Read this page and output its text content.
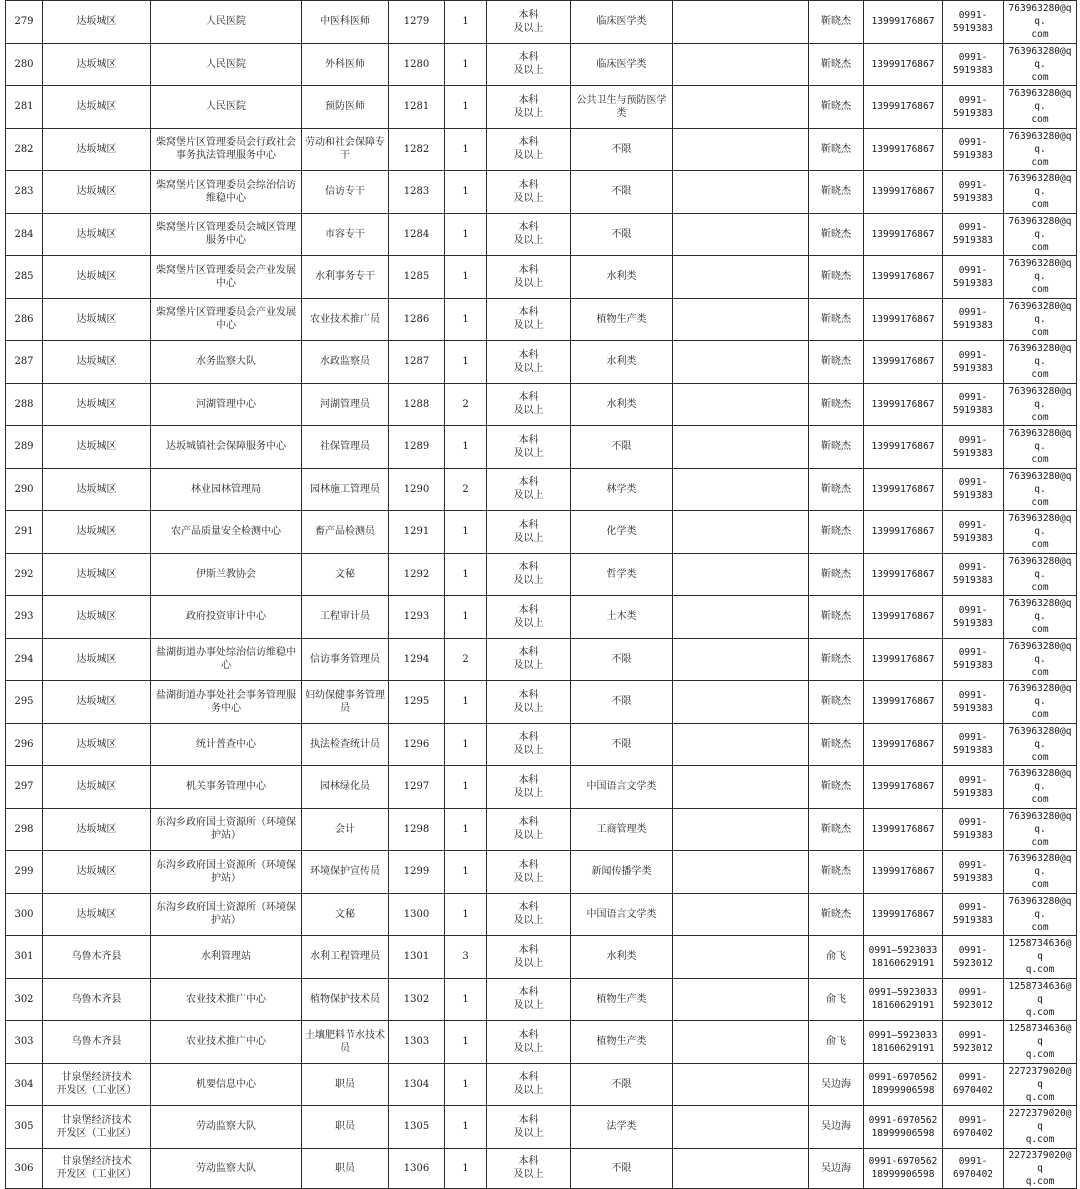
279	达坂城区	人民医院	中医科医师	1279	1	本科
及以上	临床医学类		靳晓杰	13999176867	0991-
5919383	763963280@qq.
com
280	达坂城区	人民医院	外科医师	1280	1	本科
及以上	临床医学类		靳晓杰	13999176867	0991-
5919383	763963280@qq.
com
281	达坂城区	人民医院	预防医师	1281	1	本科
及以上	公共卫生与预防医学类		靳晓杰	13999176867	0991-
5919383	763963280@qq.
com
282	达坂城区	柴窝堡片区管理委员会行政社会事务执法管理服务中心	劳动和社会保障专干	1282	1	本科
及以上	不限		靳晓杰	13999176867	0991-
5919383	763963280@qq.
com
283	达坂城区	柴窝堡片区管理委员会综治信访维稳中心	信访专干	1283	1	本科
及以上	不限		靳晓杰	13999176867	0991-
5919383	763963280@qq.
com
284	达坂城区	柴窝堡片区管理委员会城区管理服务中心	市容专干	1284	1	本科
及以上	不限		靳晓杰	13999176867	0991-
5919383	763963280@qq.
com
285	达坂城区	柴窝堡片区管理委员会产业发展中心	水利事务专干	1285	1	本科
及以上	水利类		靳晓杰	13999176867	0991-
5919383	763963280@qq.
com
286	达坂城区	柴窝堡片区管理委员会产业发展中心	农业技术推广员	1286	1	本科
及以上	植物生产类		靳晓杰	13999176867	0991-
5919383	763963280@qq.
com
287	达坂城区	水务监察大队	水政监察员	1287	1	本科
及以上	水利类		靳晓杰	13999176867	0991-
5919383	763963280@qq.
com
288	达坂城区	河湖管理中心	河湖管理员	1288	2	本科
及以上	水利类		靳晓杰	13999176867	0991-
5919383	763963280@qq.
com
289	达坂城区	达坂城镇社会保障服务中心	社保管理员	1289	1	本科
及以上	不限		靳晓杰	13999176867	0991-
5919383	763963280@qq.
com
290	达坂城区	林业园林管理局	园林施工管理员	1290	2	本科
及以上	林学类		靳晓杰	13999176867	0991-
5919383	763963280@qq.
com
291	达坂城区	农产品质量安全检测中心	畜产品检测员	1291	1	本科
及以上	化学类		靳晓杰	13999176867	0991-
5919383	763963280@qq.
com
292	达坂城区	伊斯兰教协会	文秘	1292	1	本科
及以上	哲学类		靳晓杰	13999176867	0991-
5919383	763963280@qq.
com
293	达坂城区	政府投资审计中心	工程审计员	1293	1	本科
及以上	土木类		靳晓杰	13999176867	0991-
5919383	763963280@qq.
com
294	达坂城区	盐湖街道办事处综治信访维稳中心	信访事务管理员	1294	2	本科
及以上	不限		靳晓杰	13999176867	0991-
5919383	763963280@qq.
com
295	达坂城区	盐湖街道办事处社会事务管理服务中心	妇幼保健事务管理员	1295	1	本科
及以上	不限		靳晓杰	13999176867	0991-
5919383	763963280@qq.
com
296	达坂城区	统计普查中心	执法检查统计员	1296	1	本科
及以上	不限		靳晓杰	13999176867	0991-
5919383	763963280@qq.
com
297	达坂城区	机关事务管理中心	园林绿化员	1297	1	本科
及以上	中国语言文学类		靳晓杰	13999176867	0991-
5919383	763963280@qq.
com
298	达坂城区	东沟乡政府国土资源所（环境保护站）	会计	1298	1	本科
及以上	工商管理类		靳晓杰	13999176867	0991-
5919383	763963280@qq.
com
299	达坂城区	东沟乡政府国土资源所（环境保护站）	环境保护宣传员	1299	1	本科
及以上	新闻传播学类		靳晓杰	13999176867	0991-
5919383	763963280@qq.
com
300	达坂城区	东沟乡政府国土资源所（环境保护站）	文秘	1300	1	本科
及以上	中国语言文学类		靳晓杰	13999176867	0991-
5919383	763963280@qq.
com
301	乌鲁木齐县	水利管理站	水利工程管理员	1301	3	本科
及以上	水利类		俞飞	0991—5923033
18160629191	0991-
5923012	1258734636@q
q.com
302	乌鲁木齐县	农业技术推广中心	植物保护技术员	1302	1	本科
及以上	植物生产类		俞飞	0991—5923033
18160629191	0991-
5923012	1258734636@q
q.com
303	乌鲁木齐县	农业技术推广中心	土壤肥料节水技术员	1303	1	本科
及以上	植物生产类		俞飞	0991—5923033
18160629191	0991-
5923012	1258734636@q
q.com
304	甘泉堡经济技术
开发区（工业区）	机要信息中心	职员	1304	1	本科
及以上	不限		吴边海	0991-6970562
18999906598	0991-
6970402	2272379020@q
q.com
305	甘泉堡经济技术
开发区（工业区）	劳动监察大队	职员	1305	1	本科
及以上	法学类		吴边海	0991-6970562
18999906598	0991-
6970402	2272379020@q
q.com
306	甘泉堡经济技术
开发区（工业区）	劳动监察大队	职员	1306	1	本科
及以上	不限		吴边海	0991-6970562
18999906598	0991-
6970402	2272379020@q
q.com
